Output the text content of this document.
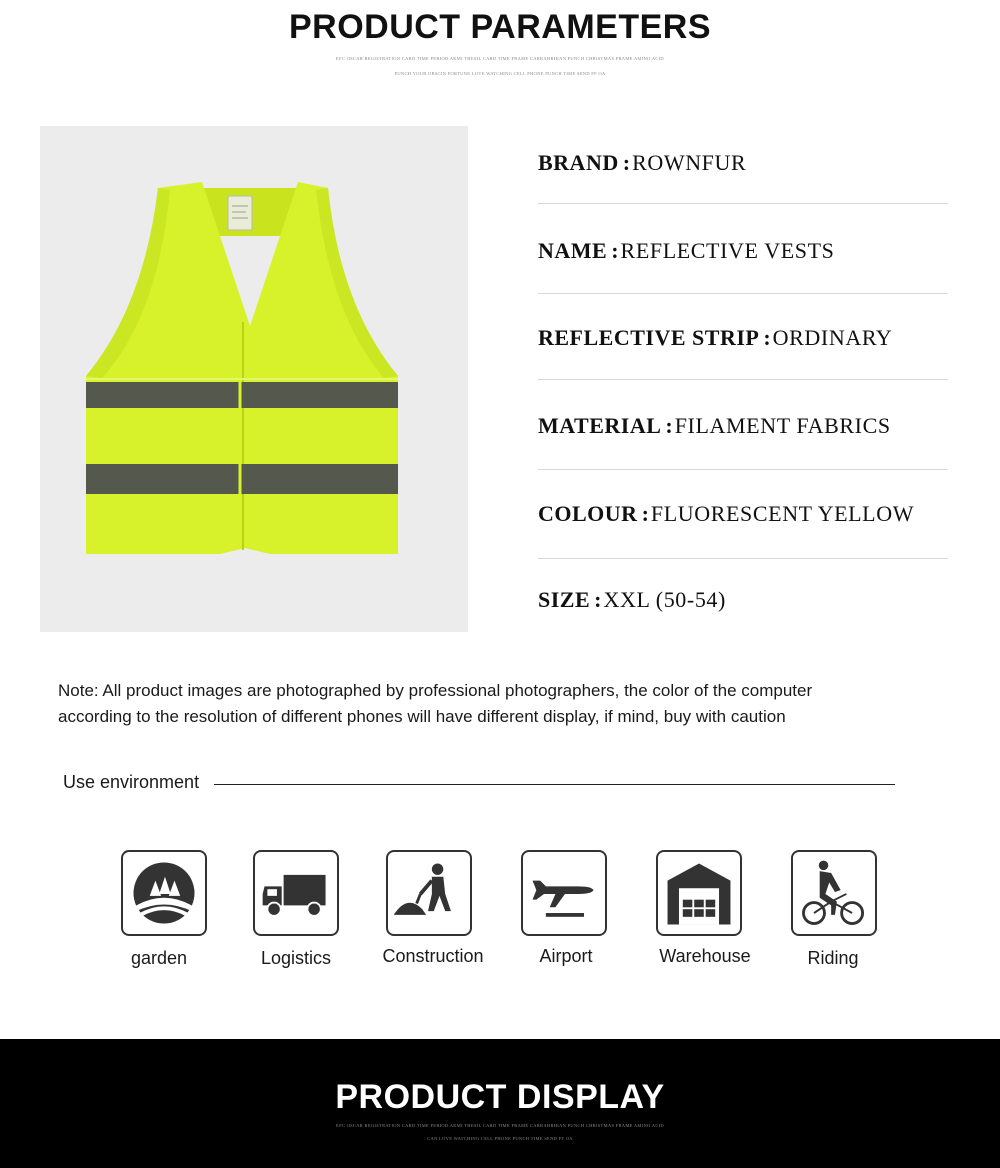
PRODUCT PARAMETERS
EFC OSCAR REGISTRATION CARD TIME PERIOD AKMI THESIL CARD TIME FRAME CARRAHRHIAN PUNCH CHRISTMAS FRAME AMINO ACID
PUNCH YOUR OBSCIN FORTUNE LOVE WATCHING CELL PHONE PUNCH TIME SEND FF OA
BRAND :ROWNFUR
NAME :REFLECTIVE VESTS
REFLECTIVE STRIP :ORDINARY
MATERIAL :FILAMENT FABRICS
COLOUR :FLUORESCENT YELLOW
SIZE :XXL (50-54)
Note: All product images are photographed by professional photographers, the color of the computer
according to the resolution of different phones will have different display, if mind, buy with caution
Use environment
garden	Logistics	Construction	Airport	Warehouse	Riding
PRODUCT DISPLAY
EFC OSCAR REGISTRATION CARD TIME PERIOD AKMI THESIL CARD TIME FRAME CARRAHRHIAN PUNCH CHRISTMAS FRAME AMINO ACID
CAN LOVE WATCHING CELL PHONE PUNCH TIME SEND FF OA
